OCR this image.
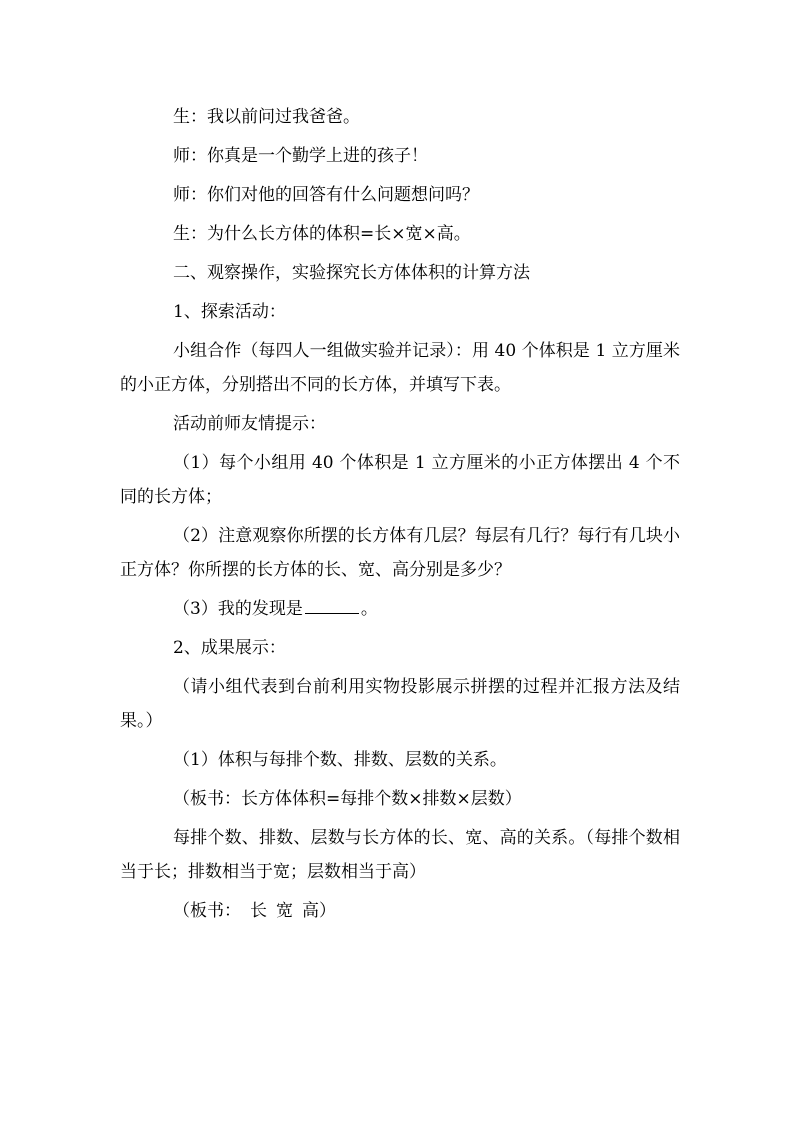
生：我以前问过我爸爸。

师：你真是一个勤学上进的孩子！

师：你们对他的回答有什么问题想问吗？

生：为什么长方体的体积=长×宽×高。

二、观察操作，实验探究长方体体积的计算方法

1、探索活动：

小组合作（每四人一组做实验并记录）：用 40 个体积是 1 立方厘米的小正方体，分别搭出不同的长方体，并填写下表。

活动前师友情提示：

（1）每个小组用 40 个体积是 1 立方厘米的小正方体摆出 4 个不同的长方体；

（2）注意观察你所摆的长方体有几层？每层有几行？每行有几块小正方体？你所摆的长方体的长、宽、高分别是多少？

（3）我的发现是	。

2、成果展示：

（请小组代表到台前利用实物投影展示拼摆的过程并汇报方法及结果。）

（1）体积与每排个数、排数、层数的关系。

（板书：长方体体积=每排个数×排数×层数）

每排个数、排数、层数与长方体的长、宽、高的关系。（每排个数相当于长；排数相当于宽；层数相当于高）

（板书： 长 宽 高）
